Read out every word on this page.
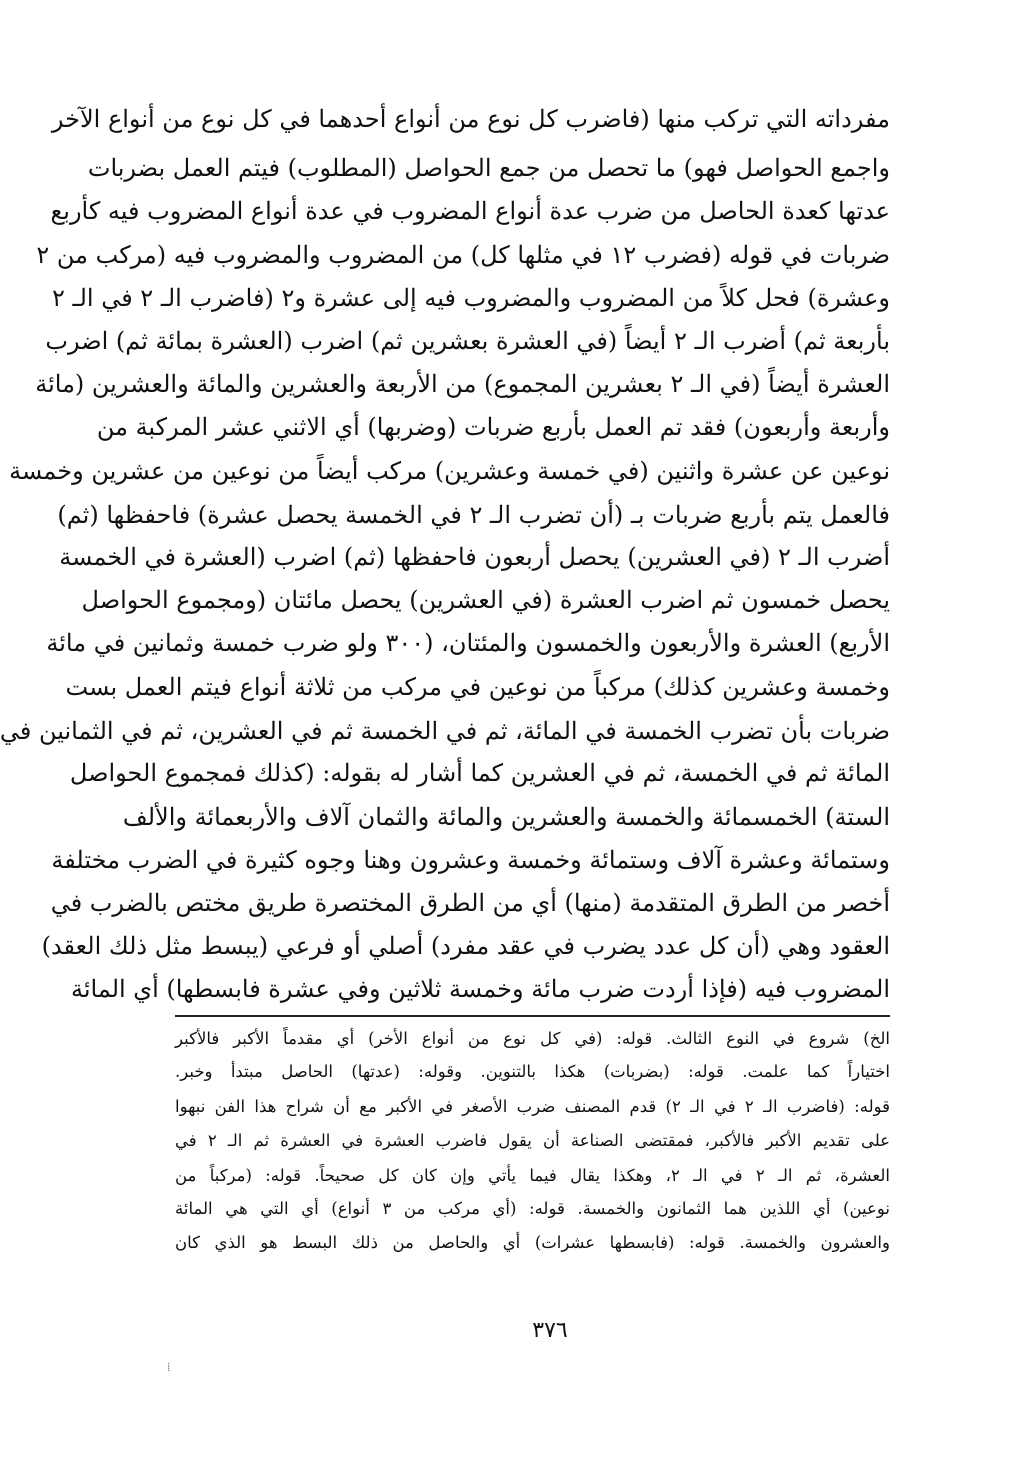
مفرداته التي تركب منها (فاضرب كل نوع من أنواع أحدهما في كل نوع من أنواع الآخر
واجمع الحواصل فهو) ما تحصل من جمع الحواصل (المطلوب) فيتم العمل بضربات
عدتها كعدة الحاصل من ضرب عدة أنواع المضروب في عدة أنواع المضروب فيه كأربع
ضربات في قوله (فضرب ١٢ في مثلها كل) من المضروب والمضروب فيه (مركب من ٢
وعشرة) فحل كلاً من المضروب والمضروب فيه إلى عشرة و٢ (فاضرب الـ ٢ في الـ ٢
بأربعة ثم) أضرب الـ ٢ أيضاً (في العشرة بعشرين ثم) اضرب (العشرة بمائة ثم) اضرب
العشرة أيضاً (في الـ ٢ بعشرين المجموع) من الأربعة والعشرين والمائة والعشرين (مائة
وأربعة وأربعون) فقد تم العمل بأربع ضربات (وضربها) أي الاثني عشر المركبة من
نوعين عن عشرة واثنين (في خمسة وعشرين) مركب أيضاً من نوعين من عشرين وخمسة
فالعمل يتم بأربع ضربات بـ (أن تضرب الـ ٢ في الخمسة يحصل عشرة) فاحفظها (ثم)
أضرب الـ ٢ (في العشرين) يحصل أربعون فاحفظها (ثم) اضرب (العشرة في الخمسة
يحصل خمسون ثم اضرب العشرة (في العشرين) يحصل مائتان (ومجموع الحواصل
الأربع) العشرة والأربعون والخمسون والمئتان، (٣٠٠ ولو ضرب خمسة وثمانين في مائة
وخمسة وعشرين كذلك) مركباً من نوعين في مركب من ثلاثة أنواع فيتم العمل بست
ضربات بأن تضرب الخمسة في المائة، ثم في الخمسة ثم في العشرين، ثم في الثمانين في
المائة ثم في الخمسة، ثم في العشرين كما أشار له بقوله: (كذلك فمجموع الحواصل
الستة) الخمسمائة والخمسة والعشرين والمائة والثمان آلاف والأربعمائة والألف
وستمائة وعشرة آلاف وستمائة وخمسة وعشرون وهنا وجوه كثيرة في الضرب مختلفة
أخصر من الطرق المتقدمة (منها) أي من الطرق المختصرة طريق مختص بالضرب في
العقود وهي (أن كل عدد يضرب في عقد مفرد) أصلي أو فرعي (يبسط مثل ذلك العقد)
المضروب فيه (فإذا أردت ضرب مائة وخمسة ثلاثين وفي عشرة فابسطها) أي المائة
الخ) شروع في النوع الثالث. قوله: (في كل نوع من أنواع الأخر) أي مقدماً الأكبر فالأكبر
اختياراً كما علمت. قوله: (بضربات) هكذا بالتنوين. وقوله: (عدتها) الحاصل مبتدأ وخبر.
قوله: (فاضرب الـ ٢ في الـ ٢) قدم المصنف ضرب الأصغر في الأكبر مع أن شراح هذا الفن نبهوا
على تقديم الأكبر فالأكبر، فمقتضى الصناعة أن يقول فاضرب العشرة في العشرة ثم الـ ٢ في
العشرة، ثم الـ ٢ في الـ ٢، وهكذا يقال فيما يأتي وإن كان كل صحيحاً. قوله: (مركباً من
نوعين) أي اللذين هما الثمانون والخمسة. قوله: (أي مركب من ٣ أنواع) أي التي هي المائة
والعشرون والخمسة. قوله: (فابسطها عشرات) أي والحاصل من ذلك البسط هو الذي كان
٣٧٦
⁞
